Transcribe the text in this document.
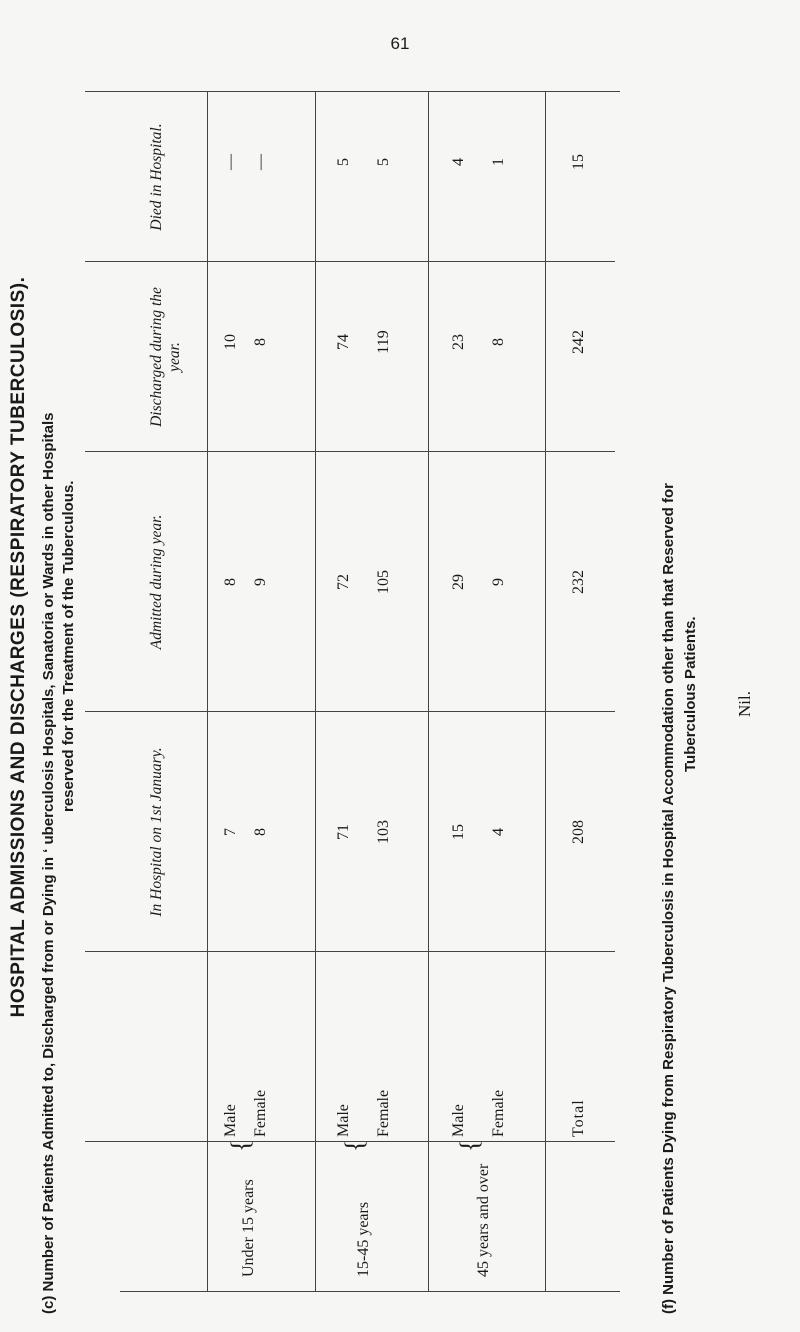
61
HOSPITAL ADMISSIONS AND DISCHARGES (RESPIRATORY TUBERCULOSIS). (c) Number of Patients Admitted to, Discharged from or Dying in ‘ uberculosis Hospitals, Sanatoria or Wards in other Hospitals reserved for the Treatment of the Tuberculous.
In Hospital on 1st January.
Admitted during year.
Discharged during the year.
Died in Hospital.
Under 15 years
{
Male Female
7 8
8 9
10 8
— —
15-45 years
{
Male Female
71 103
72 105
74 119
5 5
45 years and over
{
Male Female
15 4
29 9
23 8
4 1
Total
208
232
242
15
(f) Number of Patients Dying from Respiratory Tuberculosis in Hospital Accommodation other than that Reserved for Tuberculous Patients. Nil.
